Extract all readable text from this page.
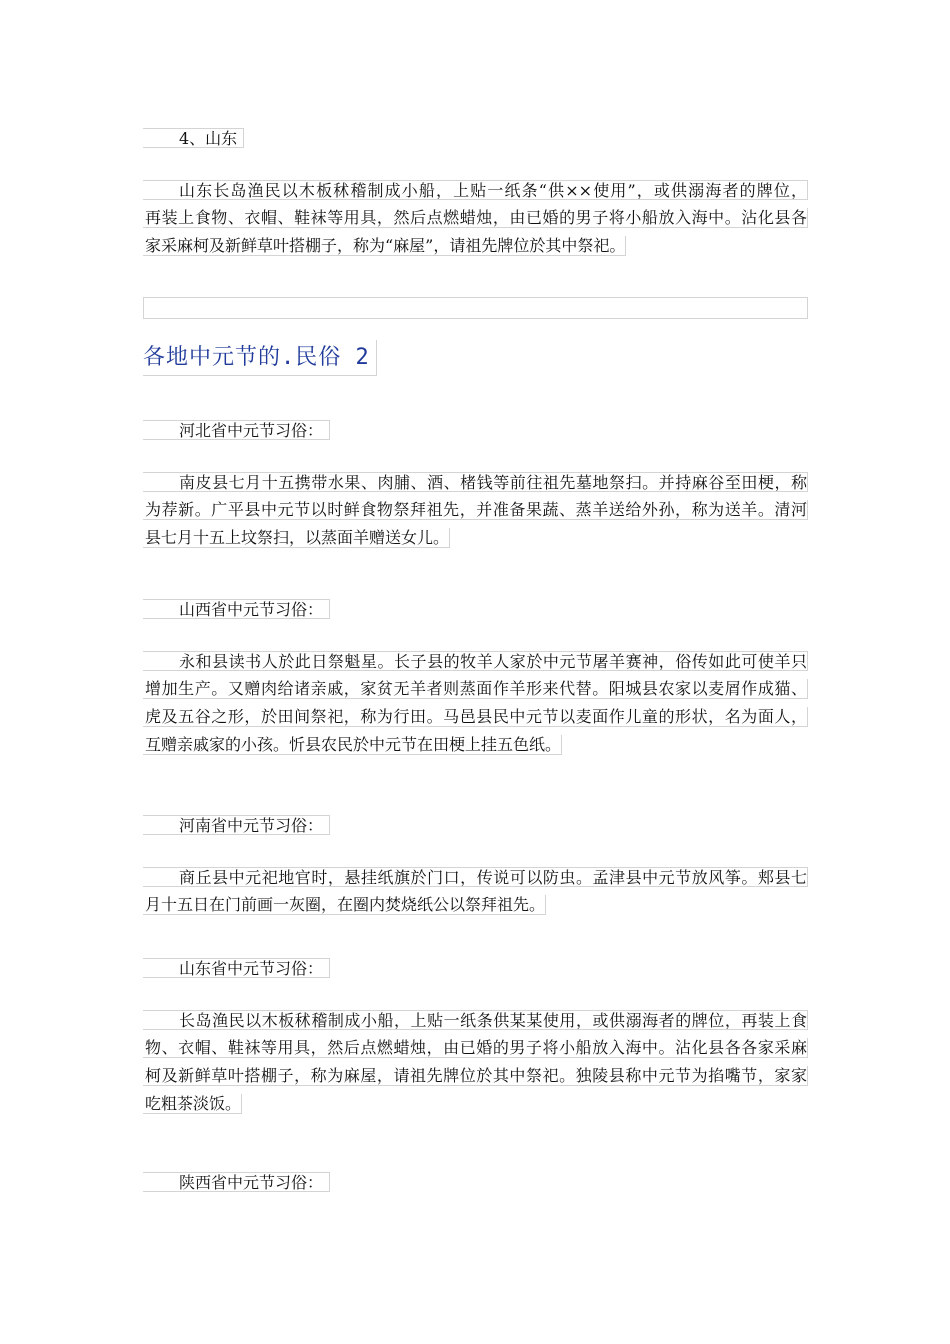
4、山东
山东长岛渔民以木板秫稽制成小船，上贴一纸条“供××使用”，或供溺海者的牌位，
再装上食物、衣帽、鞋袜等用具，然后点燃蜡烛，由已婚的男子将小船放入海中。沾化县各
家采麻柯及新鲜草叶搭棚子，称为“麻屋”，请祖先牌位於其中祭祀。
各地中元节的.民俗 2
河北省中元节习俗：
南皮县七月十五携带水果、肉脯、酒、楮钱等前往祖先墓地祭扫。并持麻谷至田梗，称
为荐新。广平县中元节以时鲜食物祭拜祖先，并准备果蔬、蒸羊送给外孙，称为送羊。清河
县七月十五上坟祭扫，以蒸面羊赠送女儿。
山西省中元节习俗：
永和县读书人於此日祭魁星。长子县的牧羊人家於中元节屠羊赛神，俗传如此可使羊只
增加生产。又赠肉给诸亲戚，家贫无羊者则蒸面作羊形来代替。阳城县农家以麦屑作成猫、
虎及五谷之形，於田间祭祀，称为行田。马邑县民中元节以麦面作儿童的形状，名为面人，
互赠亲戚家的小孩。忻县农民於中元节在田梗上挂五色纸。
河南省中元节习俗：
商丘县中元祀地官时，悬挂纸旗於门口，传说可以防虫。孟津县中元节放风筝。郏县七
月十五日在门前画一灰圈，在圈内焚烧纸公以祭拜祖先。
山东省中元节习俗：
长岛渔民以木板秫稽制成小船，上贴一纸条供某某使用，或供溺海者的牌位，再装上食
物、衣帽、鞋袜等用具，然后点燃蜡烛，由已婚的男子将小船放入海中。沾化县各各家采麻
柯及新鲜草叶搭棚子，称为麻屋，请祖先牌位於其中祭祀。独陵县称中元节为掐嘴节，家家
吃粗茶淡饭。
陕西省中元节习俗：
